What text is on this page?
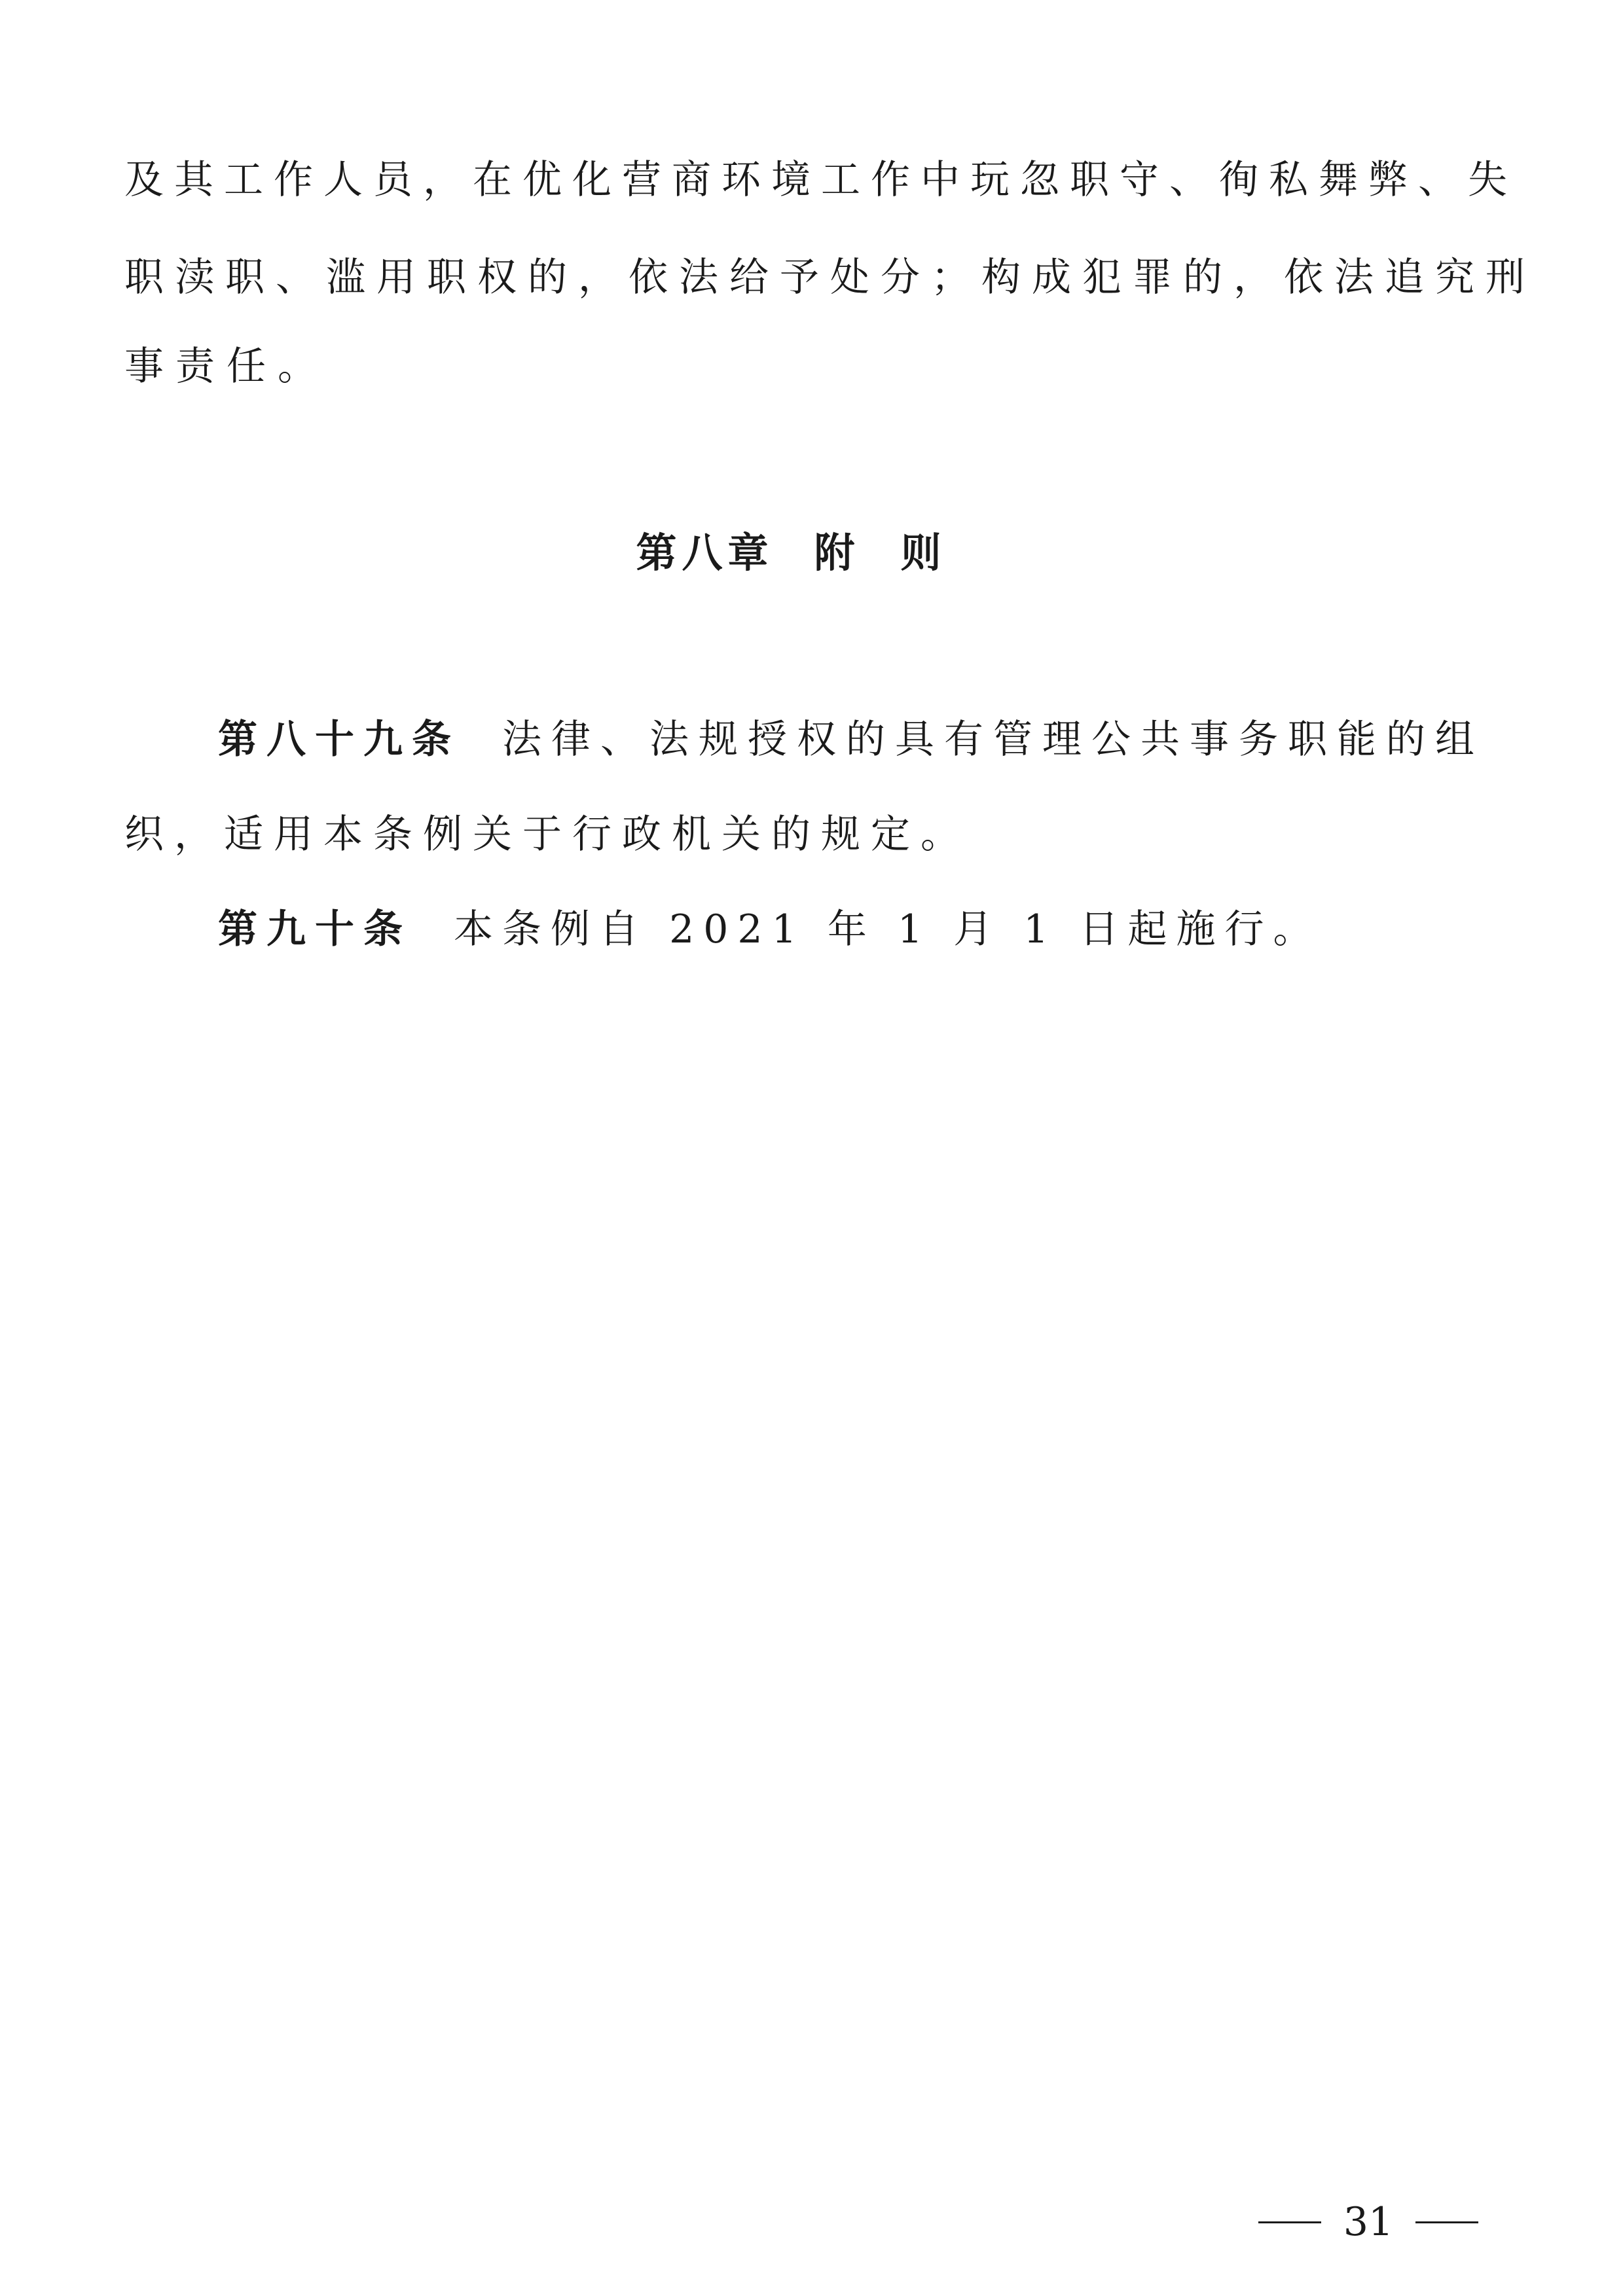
及其工作人员，在优化营商环境工作中玩忽职守、徇私舞弊、失
职渎职、滥用职权的，依法给予处分；构成犯罪的，依法追究刑
事责任。
第八章 附则
第八十九条 法律、法规授权的具有管理公共事务职能的组
织，适用本条例关于行政机关的规定。
第九十条 本条例自 2021 年 1 月 1 日起施行。
31
